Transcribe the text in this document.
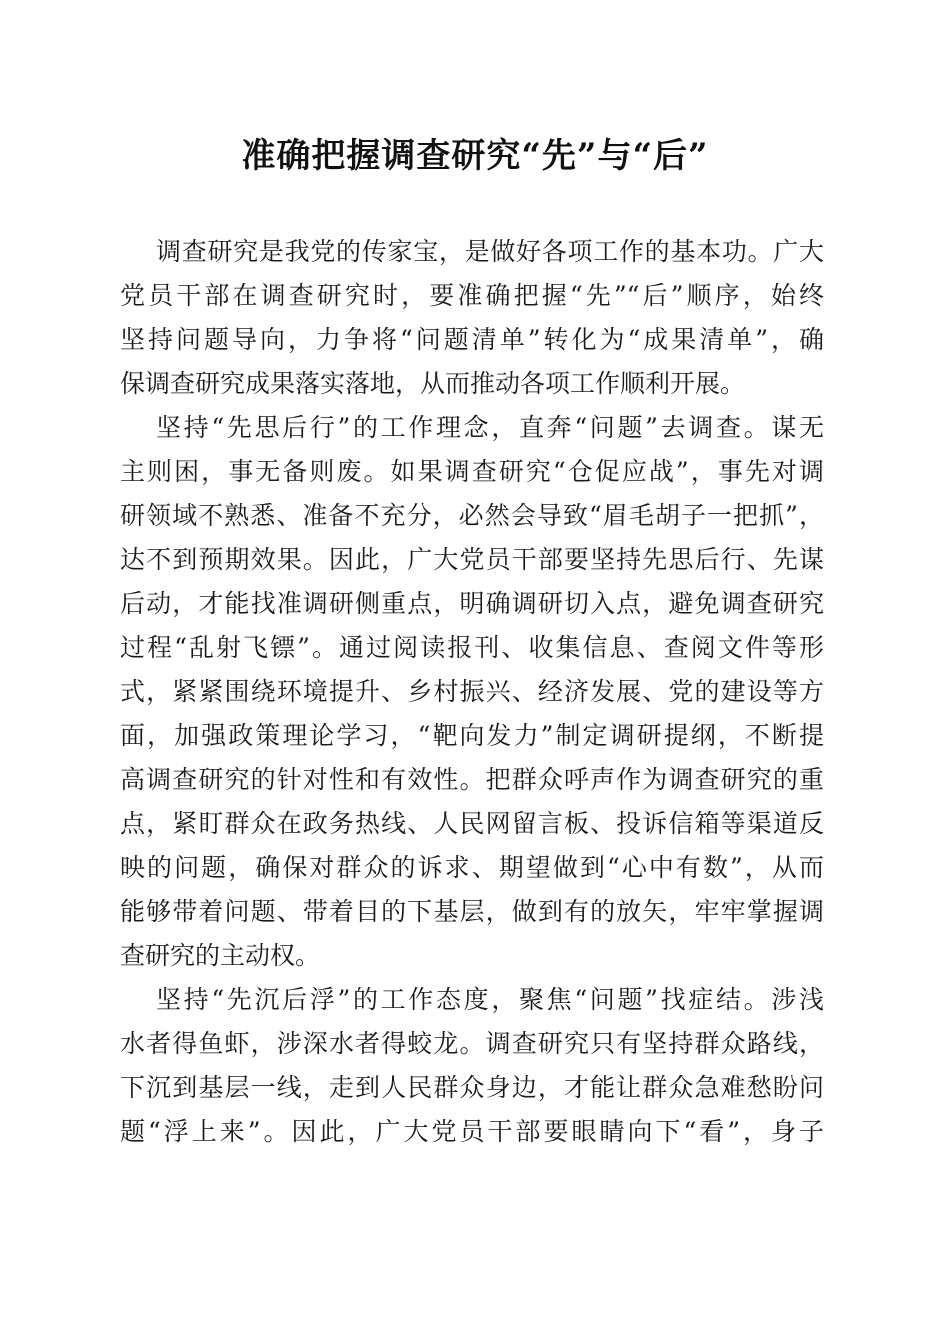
准确把握调查研究“先”与“后”
调查研究是我党的传家宝，是做好各项工作的基本功。广大
党员干部在调查研究时，要准确把握“先”“后”顺序，始终
坚持问题导向，力争将“问题清单”转化为“成果清单”，确
保调查研究成果落实落地，从而推动各项工作顺利开展。
坚持“先思后行”的工作理念，直奔“问题”去调查。谋无
主则困，事无备则废。如果调查研究“仓促应战”，事先对调
研领域不熟悉、准备不充分，必然会导致“眉毛胡子一把抓”，
达不到预期效果。因此，广大党员干部要坚持先思后行、先谋
后动，才能找准调研侧重点，明确调研切入点，避免调查研究
过程“乱射飞镖”。通过阅读报刊、收集信息、查阅文件等形
式，紧紧围绕环境提升、乡村振兴、经济发展、党的建设等方
面，加强政策理论学习，“靶向发力”制定调研提纲，不断提
高调查研究的针对性和有效性。把群众呼声作为调查研究的重
点，紧盯群众在政务热线、人民网留言板、投诉信箱等渠道反
映的问题，确保对群众的诉求、期望做到“心中有数”，从而
能够带着问题、带着目的下基层，做到有的放矢，牢牢掌握调
查研究的主动权。
坚持“先沉后浮”的工作态度，聚焦“问题”找症结。涉浅
水者得鱼虾，涉深水者得蛟龙。调查研究只有坚持群众路线，
下沉到基层一线，走到人民群众身边，才能让群众急难愁盼问
题“浮上来”。因此，广大党员干部要眼睛向下“看”，身子
